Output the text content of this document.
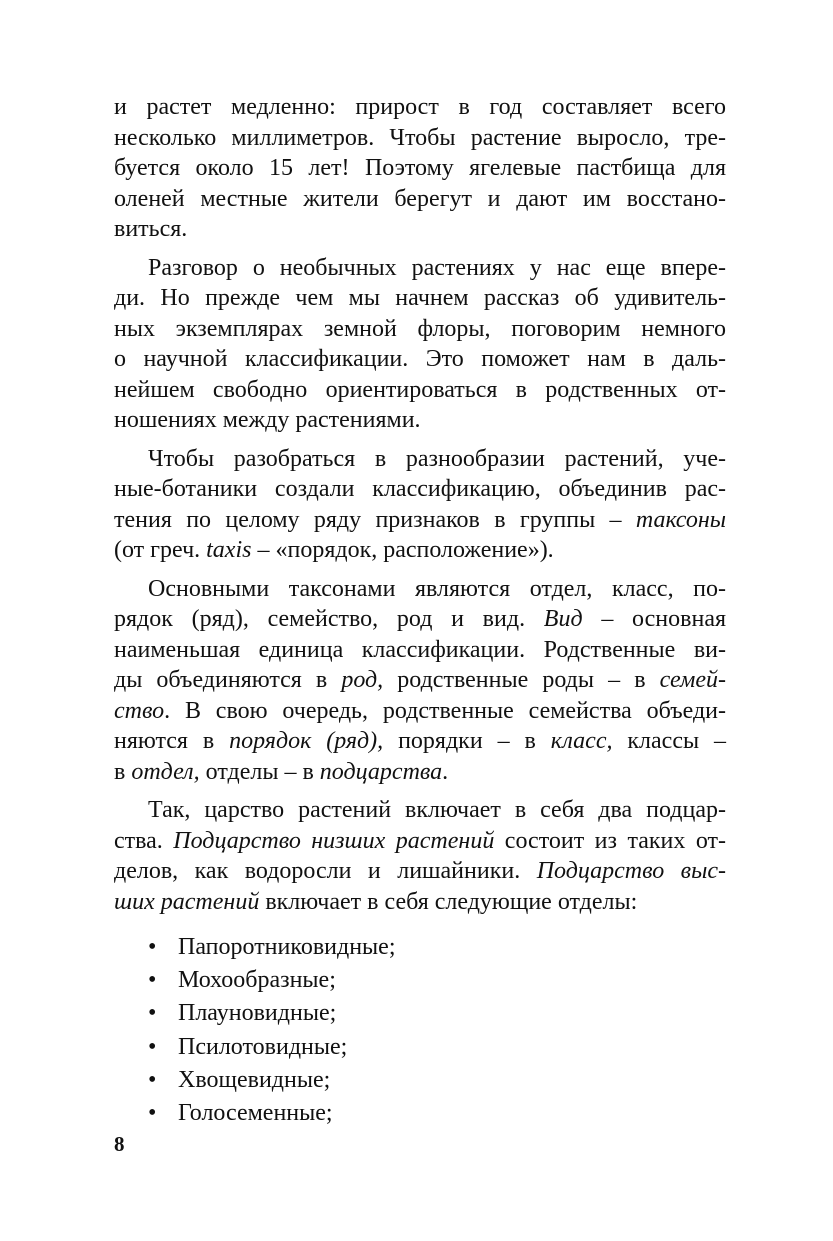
и растет медленно: прирост в год составляет всего
несколько миллиметров. Чтобы растение выросло, тре-
буется около 15 лет! Поэтому ягелевые пастбища для
оленей местные жители берегут и дают им восстано-
виться.

Разговор о необычных растениях у нас еще впере-
ди. Но прежде чем мы начнем рассказ об удивитель-
ных экземплярах земной флоры, поговорим немного
о научной классификации. Это поможет нам в даль-
нейшем свободно ориентироваться в родственных от-
ношениях между растениями.

Чтобы разобраться в разнообразии растений, уче-
ные-ботаники создали классификацию, объединив рас-
тения по целому ряду признаков в группы – таксоны
(от греч. taxis – «порядок, расположение»).

Основными таксонами являются отдел, класс, по-
рядок (ряд), семейство, род и вид. Вид – основная
наименьшая единица классификации. Родственные ви-
ды объединяются в род, родственные роды – в семей-
ство. В свою очередь, родственные семейства объеди-
няются в порядок (ряд), порядки – в класс, классы –
в отдел, отделы – в подцарства.

Так, царство растений включает в себя два подцар-
ства. Подцарство низших растений состоит из таких от-
делов, как водоросли и лишайники. Подцарство выс-
ших растений включает в себя следующие отделы:

• Папоротниковидные;
• Мохообразные;
• Плауновидные;
• Псилотовидные;
• Хвощевидные;
• Голосеменные;
8
